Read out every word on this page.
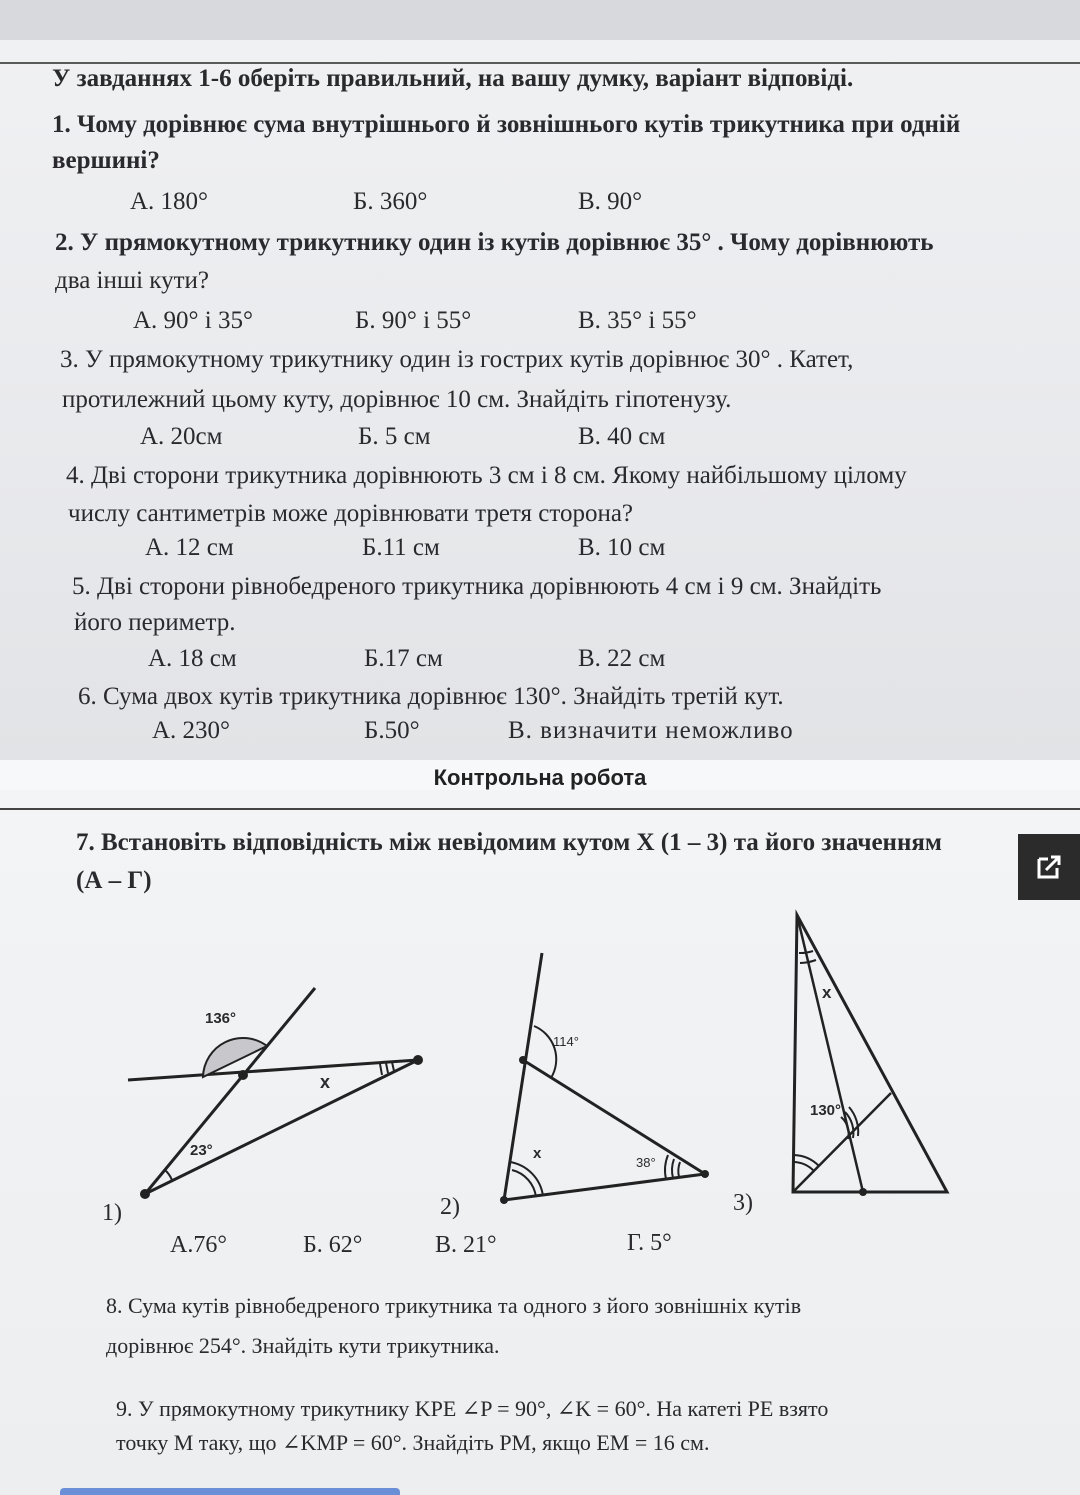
У завданнях 1-6 оберіть правильний, на вашу думку, варіант відповіді.
1. Чому дорівнює сума внутрішнього й зовнішнього кутів трикутника при одній
вершині?
А. 180°	Б. 360°	В. 90°
2. У прямокутному трикутнику один із кутів дорівнює 35° . Чому дорівнюють
два інші кути?
А. 90° і 35°	Б. 90° і 55°	В. 35° і 55°
3. У прямокутному трикутнику один із гострих кутів дорівнює 30° . Катет,
протилежний цьому куту, дорівнює 10 см. Знайдіть гіпотенузу.
А. 20см	Б. 5 см	В. 40 см
4. Дві сторони трикутника дорівнюють 3 см і 8 см. Якому найбільшому цілому
числу сантиметрів може дорівнювати третя сторона?
А. 12 см	Б.11 см	В. 10 см
5. Дві сторони рівнобедреного трикутника дорівнюють 4 см і 9 см. Знайдіть
його периметр.
А. 18 см	Б.17 см	В. 22 см
6. Сума двох кутів трикутника дорівнює 130°. Знайдіть третій кут.
А. 230°	Б.50°	В. визначити неможливо
Контрольна робота
7. Встановіть відповідність між невідомим кутом X (1 – 3) та його значенням
(А – Г)
136°
23°
x
1)
114°
x
38°
2)
x
130°
3)
А.76°	Б. 62°	В. 21°	Г. 5°
8. Сума кутів рівнобедреного трикутника та одного з його зовнішніх кутів
дорівнює 254°. Знайдіть кути трикутника.
9. У прямокутному трикутнику KPE ∠P = 90°, ∠K = 60°. На катеті PE взято
точку M таку, що ∠KMP = 60°. Знайдіть PM, якщо EM = 16 см.
